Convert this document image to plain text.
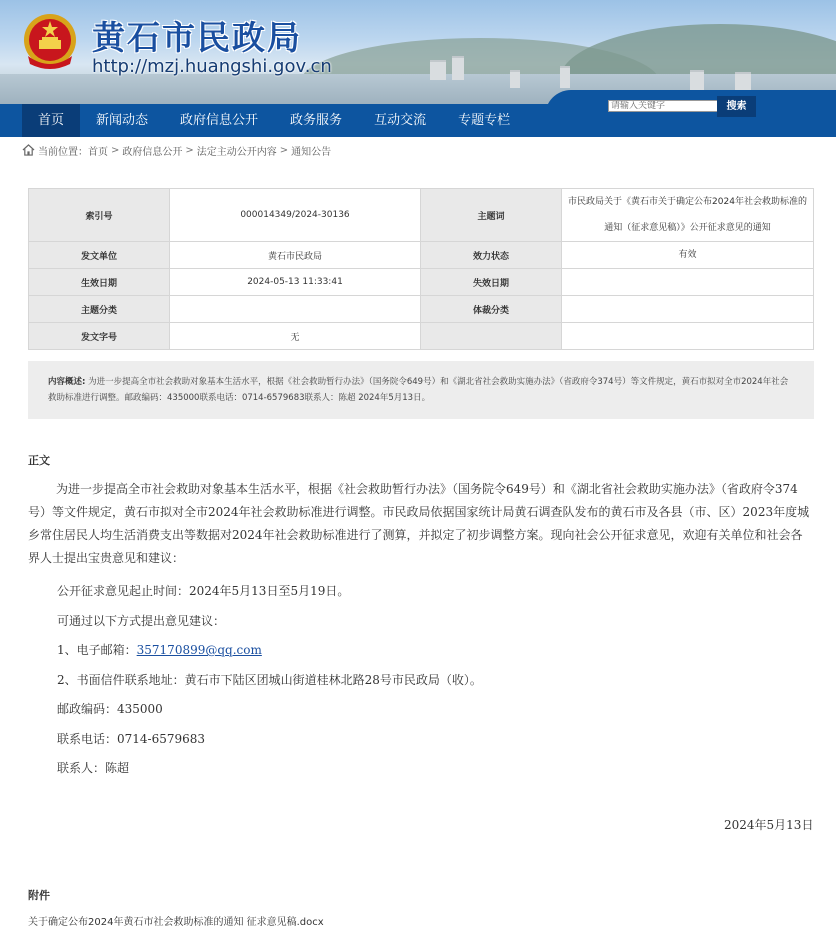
黄石市民政局
http://mzj.huangshi.gov.cn
首页	新闻动态	政府信息公开	政务服务	互动交流	专题专栏
请输入关键字
搜索
当前位置： 首页 > 政府信息公开 > 法定主动公开内容 > 通知公告
索引号	000014349/2024-30136	主题词	市民政局关于《黄石市关于确定公布2024年社会救助标准的通知（征求意见稿）》公开征求意见的通知
发文单位	黄石市民政局	效力状态	有效
生效日期	2024-05-13 11:33:41	失效日期	
主题分类		体裁分类	
发文字号	无		
内容概述: 为进一步提高全市社会救助对象基本生活水平，根据《社会救助暂行办法》（国务院令649号）和《湖北省社会救助实施办法》（省政府令374号）等文件规定，黄石市拟对全市2024年社会救助标准进行调整。邮政编码：435000联系电话：0714-6579683联系人：陈超 2024年5月13日。
正文

为进一步提高全市社会救助对象基本生活水平，根据《社会救助暂行办法》（国务院令649号）和《湖北省社会救助实施办法》（省政府令374号）等文件规定，黄石市拟对全市2024年社会救助标准进行调整。市民政局依据国家统计局黄石调查队发布的黄石市及各县（市、区）2023年度城乡常住居民人均生活消费支出等数据对2024年社会救助标准进行了测算，并拟定了初步调整方案。现向社会公开征求意见，欢迎有关单位和社会各界人士提出宝贵意见和建议：

公开征求意见起止时间：2024年5月13日至5月19日。

可通过以下方式提出意见建议：

1、电子邮箱：357170899@qq.com

2、书面信件联系地址：黄石市下陆区团城山街道桂林北路28号市民政局（收）。

邮政编码：435000

联系电话：0714-6579683

联系人：陈超

2024年5月13日
附件
关于确定公布2024年黄石市社会救助标准的通知 征求意见稿.docx
